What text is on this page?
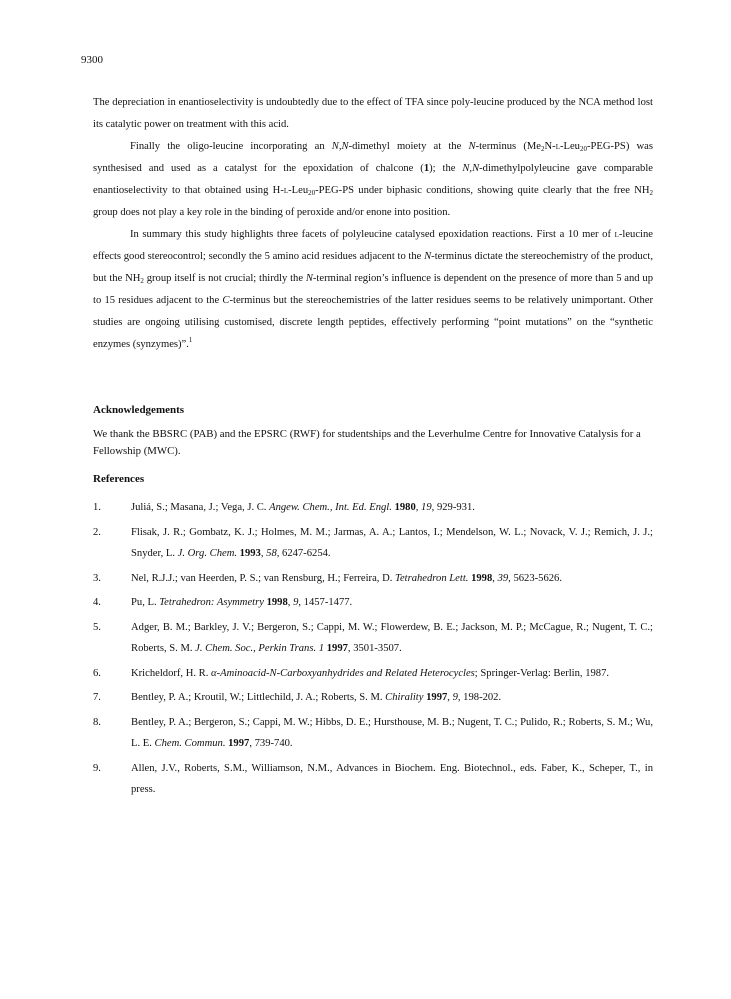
9300

The depreciation in enantioselectivity is undoubtedly due to the effect of TFA since poly-leucine produced by the NCA method lost its catalytic power on treatment with this acid.

Finally the oligo-leucine incorporating an N,N-dimethyl moiety at the N-terminus $(Me_2N-l-Leu_{20}-PEG-PS)$ was synthesised and used as a catalyst for the epoxidation of chalcone (1); the N,N-dimethylpolyleucine gave comparable enantioselectivity to that obtained using H-l-Leu$_{20}$-PEG-PS under biphasic conditions, showing quite clearly that the free $NH_2$ group does not play a key role in the binding of peroxide and/or enone into position.

In summary this study highlights three facets of polyleucine catalysed epoxidation reactions. First a 10 mer of l-leucine effects good stereocontrol; secondly the 5 amino acid residues adjacent to the N-terminus dictate the stereochemistry of the product, but the $NH_2$ group itself is not crucial; thirdly the N-terminal region’s influence is dependent on the presence of more than 5 and up to 15 residues adjacent to the C-terminus but the stereochemistries of the latter residues seems to be relatively unimportant. Other studies are ongoing utilising customised, discrete length peptides, effectively performing “point mutations” on the “synthetic enzymes (synzymes)”.$^1$

Acknowledgements

We thank the BBSRC (PAB) and the EPSRC (RWF) for studentships and the Leverhulme Centre for Innovative Catalysis for a Fellowship (MWC).

References
1.	Juliá, S.; Masana, J.; Vega, J. C. Angew. Chem., Int. Ed. Engl. 1980, 19, 929-931.
2.	Flisak, J. R.; Gombatz, K. J.; Holmes, M. M.; Jarmas, A. A.; Lantos, I.; Mendelson, W. L.; Novack, V. J.; Remich, J. J.; Snyder, L. J. Org. Chem. 1993, 58, 6247-6254.
3.	Nel, R.J.J.; van Heerden, P. S.; van Rensburg, H.; Ferreira, D. Tetrahedron Lett. 1998, 39, 5623-5626.
4.	Pu, L. Tetrahedron: Asymmetry 1998, 9, 1457-1477.
5.	Adger, B. M.; Barkley, J. V.; Bergeron, S.; Cappi, M. W.; Flowerdew, B. E.; Jackson, M. P.; McCague, R.; Nugent, T. C.; Roberts, S. M. J. Chem. Soc., Perkin Trans. 1 1997, 3501-3507.
6.	Kricheldorf, H. R. α-Aminoacid-N-Carboxyanhydrides and Related Heterocycles; Springer-Verlag: Berlin, 1987.
7.	Bentley, P. A.; Kroutil, W.; Littlechild, J. A.; Roberts, S. M. Chirality 1997, 9, 198-202.
8.	Bentley, P. A.; Bergeron, S.; Cappi, M. W.; Hibbs, D. E.; Hursthouse, M. B.; Nugent, T. C.; Pulido, R.; Roberts, S. M.; Wu, L. E. Chem. Commun. 1997, 739-740.
9.	Allen, J.V., Roberts, S.M., Williamson, N.M., Advances in Biochem. Eng. Biotechnol., eds. Faber, K., Scheper, T., in press.
